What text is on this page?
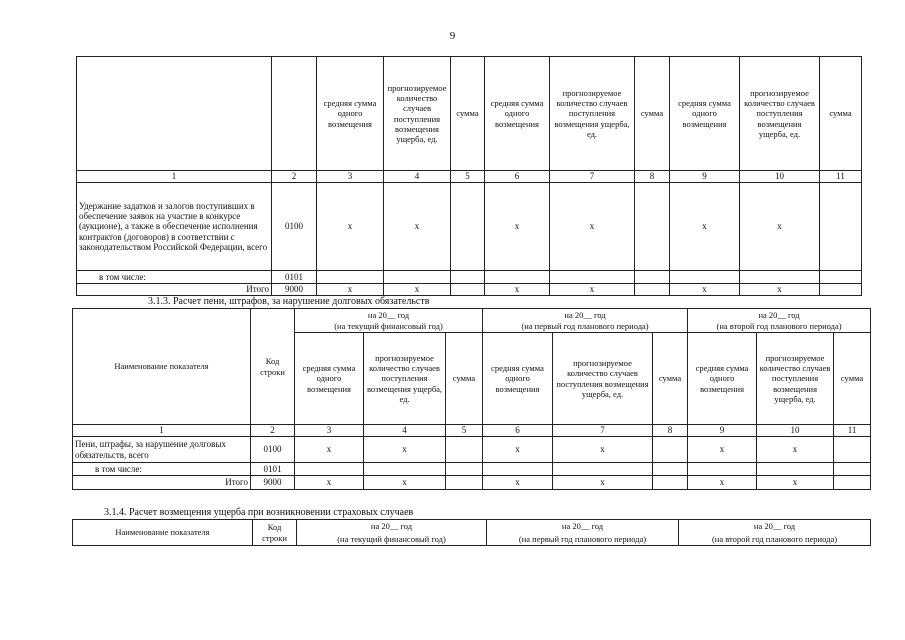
9
		средняя сумма одного возмещения	прогнозируемое количество случаев поступления возмещения ущерба, ед.	сумма	средняя сумма одного возмещения	прогнозируемое количество случаев поступления возмещения ущерба, ед.	сумма	средняя сумма одного возмещения	прогнозируемое количество случаев поступления возмещения ущерба, ед.	сумма
1	2	3	4	5	6	7	8	9	10	11
Удержание задатков и залогов поступивших в обеспечение заявок на участие в конкурсе (аукционе), а также в обеспечение исполнения контрактов (договоров) в соответствии с законодательством Российской Федерации, всего	0100	x	x		x	x		x	x	
в том числе:	0101									
Итого	9000	x	x		x	x		x	x	
3.1.3. Расчет пени, штрафов, за нарушение долговых обязательств
Наименование показателя	Код строки	на 20__ год			на 20__ год			на 20__ год		
		(на текущий финансовый год)			(на первый год планового периода)			(на второй год планового периода)		
		средняя сумма одного возмещения	прогнозируемое количество случаев поступления возмещения ущерба, ед.	сумма	средняя сумма одного возмещения	прогнозируемое количество случаев поступления возмещения ущерба, ед.	сумма	средняя сумма одного возмещения	прогнозируемое количество случаев поступления возмещения ущерба, ед.	сумма
1	2	3	4	5	6	7	8	9	10	11
Пени, штрафы, за нарушение долговых обязательств, всего	0100	x	x		x	x		x	x	
в том числе:	0101									
Итого	9000	x	x		x	x		x	x	
3.1.4. Расчет возмещения ущерба при возникновении страховых случаев
Наименование показателя	Код строки	на 20__ год	на 20__ год	на 20__ год
		(на текущий финансовый год)	(на первый год планового периода)	(на второй год планового периода)
